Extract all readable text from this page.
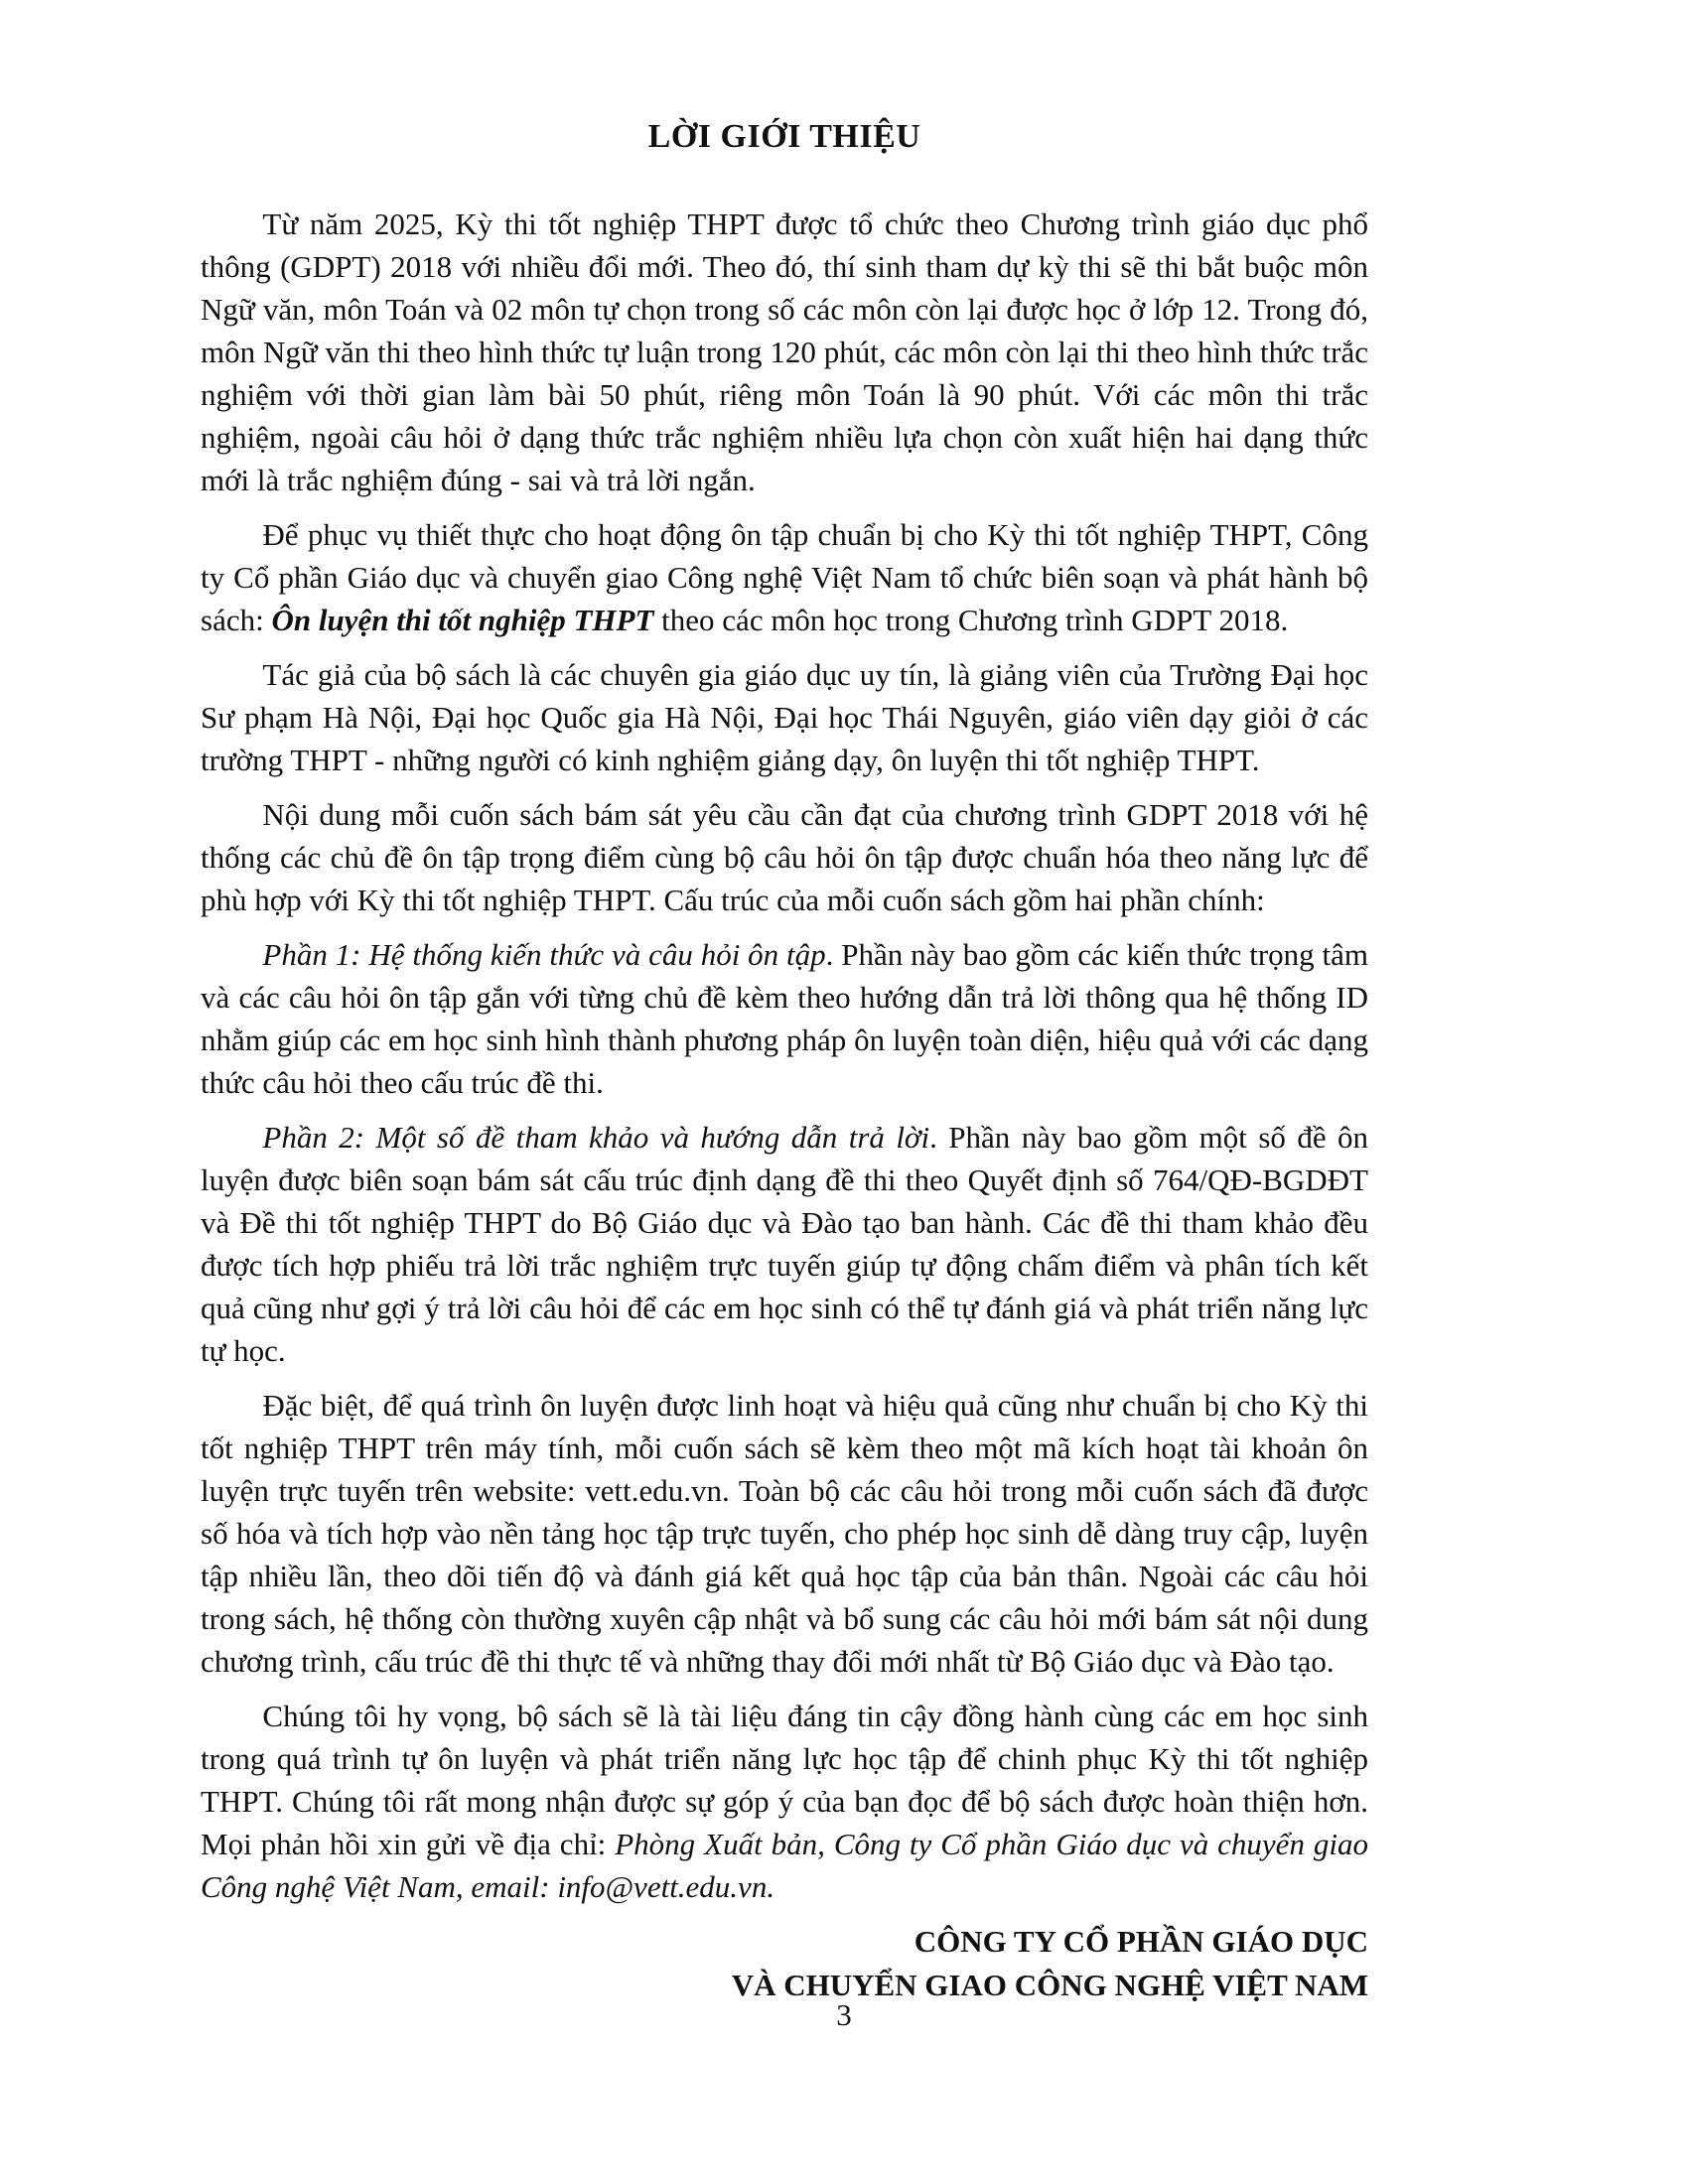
LỜI GIỚI THIỆU

Từ năm 2025, Kỳ thi tốt nghiệp THPT được tổ chức theo Chương trình giáo dục phổ thông (GDPT) 2018 với nhiều đổi mới. Theo đó, thí sinh tham dự kỳ thi sẽ thi bắt buộc môn Ngữ văn, môn Toán và 02 môn tự chọn trong số các môn còn lại được học ở lớp 12. Trong đó, môn Ngữ văn thi theo hình thức tự luận trong 120 phút, các môn còn lại thi theo hình thức trắc nghiệm với thời gian làm bài 50 phút, riêng môn Toán là 90 phút. Với các môn thi trắc nghiệm, ngoài câu hỏi ở dạng thức trắc nghiệm nhiều lựa chọn còn xuất hiện hai dạng thức mới là trắc nghiệm đúng - sai và trả lời ngắn.

Để phục vụ thiết thực cho hoạt động ôn tập chuẩn bị cho Kỳ thi tốt nghiệp THPT, Công ty Cổ phần Giáo dục và chuyển giao Công nghệ Việt Nam tổ chức biên soạn và phát hành bộ sách: Ôn luyện thi tốt nghiệp THPT theo các môn học trong Chương trình GDPT 2018.

Tác giả của bộ sách là các chuyên gia giáo dục uy tín, là giảng viên của Trường Đại học Sư phạm Hà Nội, Đại học Quốc gia Hà Nội, Đại học Thái Nguyên, giáo viên dạy giỏi ở các trường THPT - những người có kinh nghiệm giảng dạy, ôn luyện thi tốt nghiệp THPT.

Nội dung mỗi cuốn sách bám sát yêu cầu cần đạt của chương trình GDPT 2018 với hệ thống các chủ đề ôn tập trọng điểm cùng bộ câu hỏi ôn tập được chuẩn hóa theo năng lực để phù hợp với Kỳ thi tốt nghiệp THPT. Cấu trúc của mỗi cuốn sách gồm hai phần chính:

Phần 1: Hệ thống kiến thức và câu hỏi ôn tập. Phần này bao gồm các kiến thức trọng tâm và các câu hỏi ôn tập gắn với từng chủ đề kèm theo hướng dẫn trả lời thông qua hệ thống ID nhằm giúp các em học sinh hình thành phương pháp ôn luyện toàn diện, hiệu quả với các dạng thức câu hỏi theo cấu trúc đề thi.

Phần 2: Một số đề tham khảo và hướng dẫn trả lời. Phần này bao gồm một số đề ôn luyện được biên soạn bám sát cấu trúc định dạng đề thi theo Quyết định số 764/QĐ-BGDĐT và Đề thi tốt nghiệp THPT do Bộ Giáo dục và Đào tạo ban hành. Các đề thi tham khảo đều được tích hợp phiếu trả lời trắc nghiệm trực tuyến giúp tự động chấm điểm và phân tích kết quả cũng như gợi ý trả lời câu hỏi để các em học sinh có thể tự đánh giá và phát triển năng lực tự học.

Đặc biệt, để quá trình ôn luyện được linh hoạt và hiệu quả cũng như chuẩn bị cho Kỳ thi tốt nghiệp THPT trên máy tính, mỗi cuốn sách sẽ kèm theo một mã kích hoạt tài khoản ôn luyện trực tuyến trên website: vett.edu.vn. Toàn bộ các câu hỏi trong mỗi cuốn sách đã được số hóa và tích hợp vào nền tảng học tập trực tuyến, cho phép học sinh dễ dàng truy cập, luyện tập nhiều lần, theo dõi tiến độ và đánh giá kết quả học tập của bản thân. Ngoài các câu hỏi trong sách, hệ thống còn thường xuyên cập nhật và bổ sung các câu hỏi mới bám sát nội dung chương trình, cấu trúc đề thi thực tế và những thay đổi mới nhất từ Bộ Giáo dục và Đào tạo.

Chúng tôi hy vọng, bộ sách sẽ là tài liệu đáng tin cậy đồng hành cùng các em học sinh trong quá trình tự ôn luyện và phát triển năng lực học tập để chinh phục Kỳ thi tốt nghiệp THPT. Chúng tôi rất mong nhận được sự góp ý của bạn đọc để bộ sách được hoàn thiện hơn. Mọi phản hồi xin gửi về địa chỉ: Phòng Xuất bản, Công ty Cổ phần Giáo dục và chuyển giao Công nghệ Việt Nam, email: info@vett.edu.vn.

CÔNG TY CỔ PHẦN GIÁO DỤC
VÀ CHUYỂN GIAO CÔNG NGHỆ VIỆT NAM
3
